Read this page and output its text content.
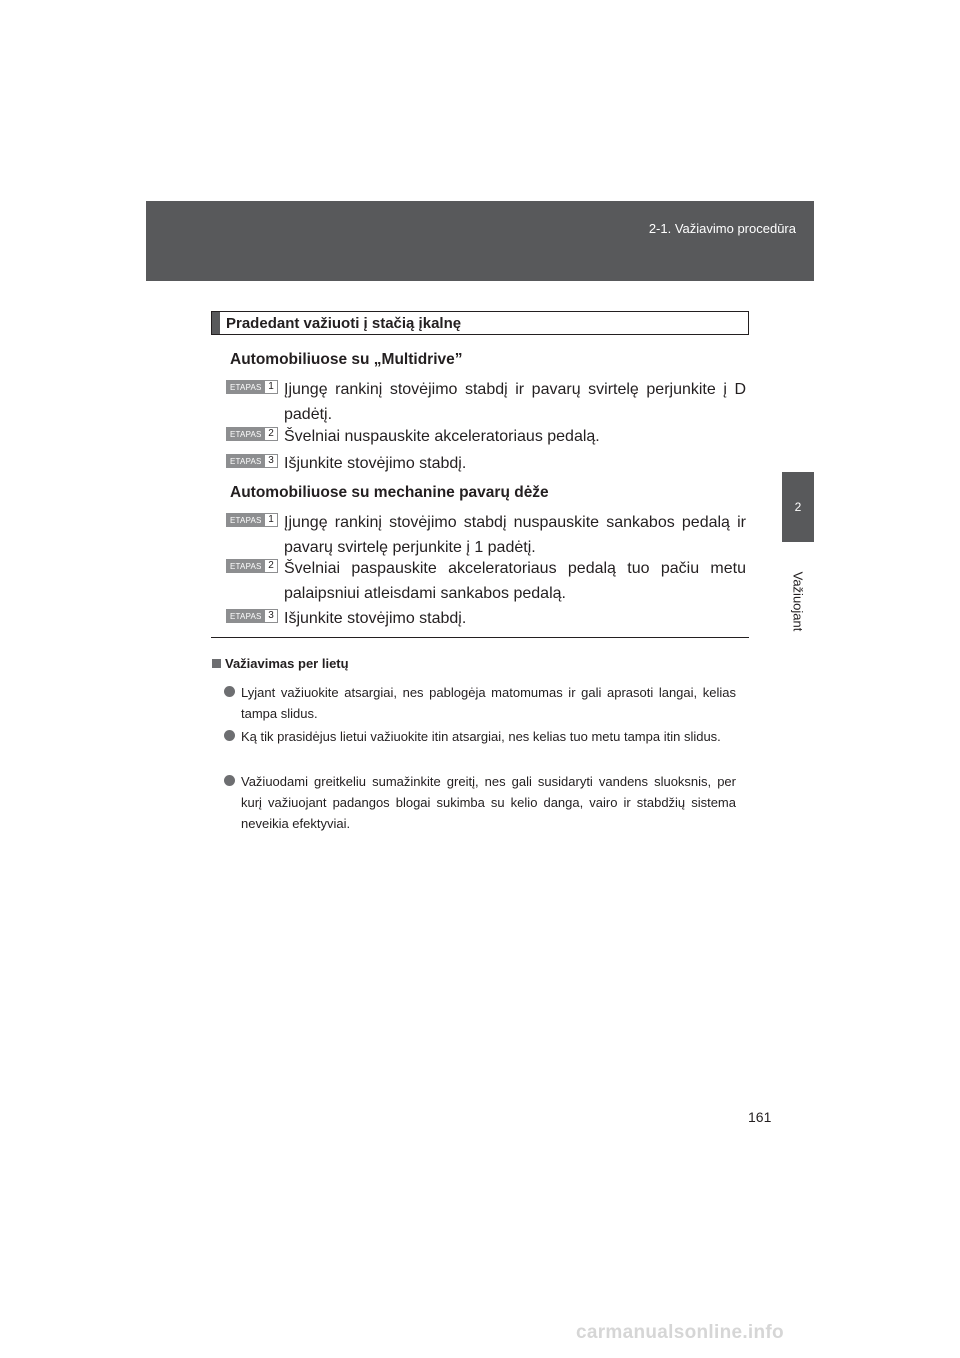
2-1. Važiavimo procedūra
2
Važiuojant
Pradedant važiuoti į stačią įkalnę
Automobiliuose su „Multidrive”
ETAPAS 1 Įjungę rankinį stovėjimo stabdį ir pavarų svirtelę perjunkite į D padėtį.
ETAPAS 2 Švelniai nuspauskite akceleratoriaus pedalą.
ETAPAS 3 Išjunkite stovėjimo stabdį.
Automobiliuose su mechanine pavarų dėže
ETAPAS 1 Įjungę rankinį stovėjimo stabdį nuspauskite sankabos pedalą ir pavarų svirtelę perjunkite į 1 padėtį.
ETAPAS 2 Švelniai paspauskite akceleratoriaus pedalą tuo pačiu metu palaipsniui atleisdami sankabos pedalą.
ETAPAS 3 Išjunkite stovėjimo stabdį.
Važiavimas per lietų
Lyjant važiuokite atsargiai, nes pablogėja matomumas ir gali aprasoti langai, kelias tampa slidus.
Ką tik prasidėjus lietui važiuokite itin atsargiai, nes kelias tuo metu tampa itin slidus.
Važiuodami greitkeliu sumažinkite greitį, nes gali susidaryti vandens sluoksnis, per kurį važiuojant padangos blogai sukimba su kelio danga, vairo ir stabdžių sistema neveikia efektyviai.
161
carmanualsonline.info
